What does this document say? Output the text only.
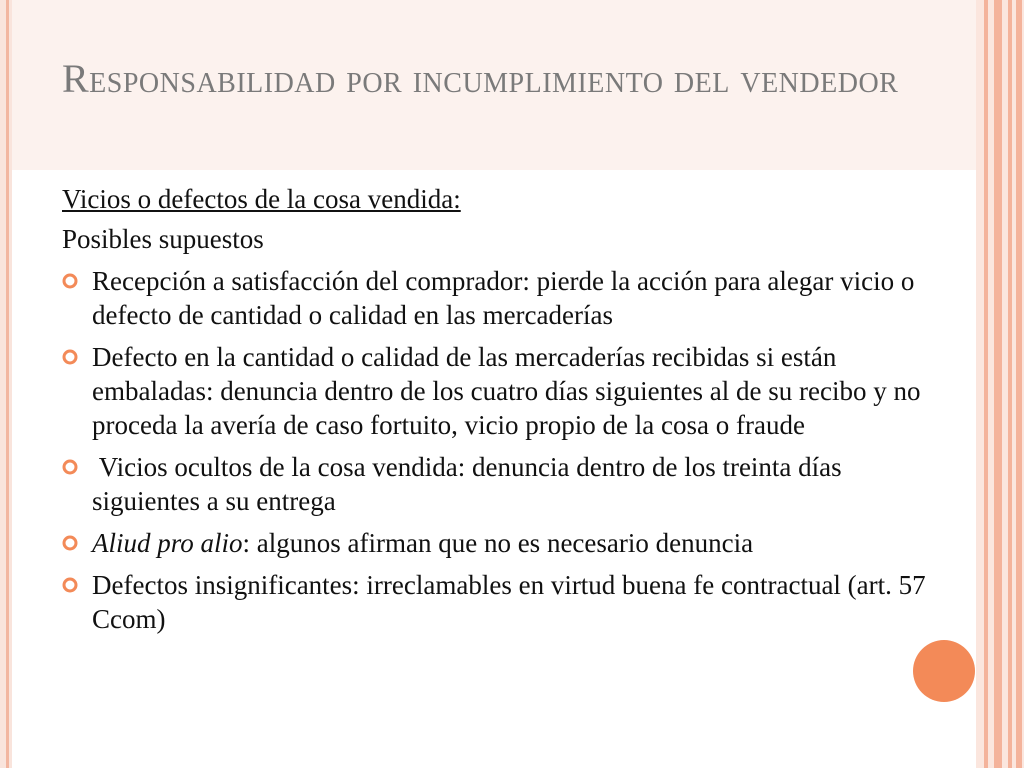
Responsabilidad por incumplimiento del vendedor

Vicios o defectos de la cosa vendida:

Posibles supuestos

Recepción a satisfacción del comprador: pierde la acción para alegar vicio o defecto de cantidad o calidad en las mercaderías
Defecto en la cantidad o calidad de las mercaderías recibidas si están embaladas: denuncia dentro de los cuatro días siguientes al de su recibo y no proceda la avería de caso fortuito, vicio propio de la cosa o fraude
Vicios ocultos de la cosa vendida: denuncia dentro de los treinta días siguientes a su entrega
Aliud pro alio: algunos afirman que no es necesario denuncia
Defectos insignificantes: irreclamables en virtud buena fe contractual (art. 57 Ccom)
